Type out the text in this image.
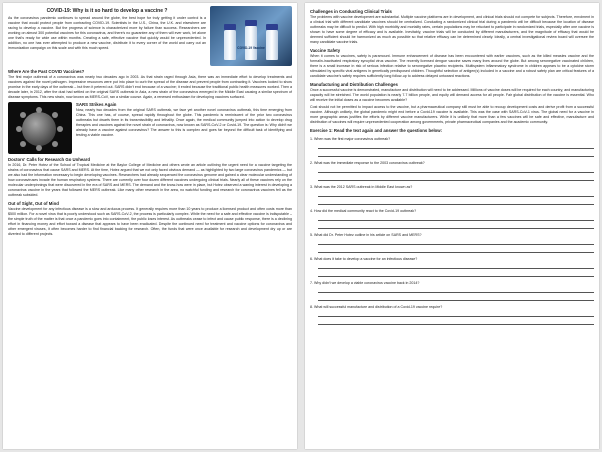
COVID-19: Why is it so hard to develop a vaccine ?

As the coronavirus pandemic continues to spread around the globe, the best hope for truly getting it under control is a vaccine that would protect people from contracting COVID-19. Scientists in the U.S., China, the U.K. and elsewhere are racing to develop a vaccine. But the progress of science is characterized more by failure than success. Researchers are working on almost 300 potential vaccines for this coronavirus, and there's no guarantee any of them will ever work, let alone one that's ready for wide use within months. Creating a safe, effective vaccine that quickly would be unprecedented. In addition, no one has ever attempted to produce a new vaccine, distribute it to every corner of the world and carry out an immunization campaign on this scale and with this much speed.	COVID-19 Vaccine
Where Are the Past COVID Vaccines?

The first major outbreak of a coronavirus was nearly two decades ago in 2003. As that strain raged through Asia, there was an immediate effort to develop treatments and vaccines against the novel pathogen. Impressive resources were put into place to curb the spread of the disease and prevent people from contracting it. Vaccines looked to show promise in the early days of the outbreak – but then it petered out. SARS didn't end because of a vaccine; it ended because the traditional public health measures worked. Then a decade later, in 2012, after the dust had settled on the original SARS outbreak in Asia, a new strain of the coronavirus emerged in the Middle East causing a similar spectrum of disease symptoms. This new strain, now known as MERS-CoV, ran a similar course. Again, a renewed enthusiasm for developing vaccines surfaced.

SARS Strikes Again

Now, nearly two decades from the original SARS outbreak, we face yet another novel coronavirus outbreak, this time emerging from China. This one has, of course, spread rapidly throughout the globe. This pandemic is reminiscent of the prior two coronavirus outbreaks but dwarfs them in its transmissibility and lethality. Once again, the medical community jumped into action to develop drug therapies and vaccines against the novel strain of coronavirus, now known as SARS-CoV-2 or Covid-19. The question is: Why didn't we already have a vaccine against coronavirus? The answer to this is complex and goes far beyond the difficult task of identifying and testing a viable vaccine.

Doctors' Calls for Research Go Unheard

In 2016, Dr. Peter Hotez of the School of Tropical Medicine at the Baylor College of Medicine and others wrote an article outlining the urgent need for a vaccine targeting the strains of coronavirus that cause SARS and MERS. At the time, Hotez argued that we not only faced obvious demand — as highlighted by two large coronavirus pandemics — but we also had the information necessary to begin developing vaccines. Researchers had already sequenced the coronavirus genome and gained a clear molecular understanding of how coronaviruses invade the human respiratory systems. There are currently over four dozen different vaccines undergoing clinical trials. Nearly all of these vaccines rely on the molecular underpinnings that were discovered in the era of SARS and MERS. The demand and the know-how were in place, but Hotez observed a waning interest in developing a coronavirus vaccine in the years that followed the MERS outbreak. Like many other research in the area, no watchful funding and research for coronavirus vaccines fell as the outbreak subsided.

Out of Sight, Out of Mind

Vaccine development for any infectious disease is a slow and arduous process. It generally requires more than 10 years to produce a licensed product and often costs more than $500 million. For a novel virus that is poorly understood such as SARS-CoV-2, the process is particularly complex. While the need for a safe and effective vaccine is indisputable – the simple truth of the matter is that once a pandemic goes into containment, the public loses interest. As outbreaks cease to infect and cause public response, there is a declining effort in financing money and effort toward a disease that appears to have been eradicated. Despite the continued need for treatment and vaccine options for coronavirus and other emergent viruses, it often becomes harder to find financial backing for research. Often, the funds that were once available for research and development dry up or are diverted to different projects.

Challenges in Conducting Clinical Trials

The problems with vaccine development are substantial. Multiple vaccine platforms are in development, and clinical trials should not compete for subjects. Therefore, enrolment in a clinical trial with different candidate vaccines should be centralized. Conducting a randomized clinical trial during a pandemic will be difficult because the location of disease outbreaks may be difficult to predict. With high morbidity and mortality rates, certain populations may be reluctant to participate in randomized trials, especially after one vaccine is shown to have some degree of efficacy and is available. Inevitably, vaccine trials will be conducted by different manufacturers, and the magnitude of efficacy that would be deemed sufficient should be harmonized as much as possible so that relative efficacy can be determined clearly. Ideally, a central investigational review board will oversee the many candidate vaccine trials.

Vaccine Safety

When it comes to vaccines, safety is paramount. Immune enhancement of disease has been encountered with earlier vaccines, such as the killed measles vaccine and the formalin-inactivated respiratory syncytial virus vaccine. The recently licensed dengue vaccine saves many lives around the globe. But among seronegative vaccinated children, there is a small increase in risk of serious infection relative to seronegative placebo recipients. Multisystem inflammatory syndrome in children appears to be a cytokine storm stimulated by specific viral antigens in genetically predisposed children. Thoughtful selection of antigen(s) included in a vaccine and a robust safety plan are critical features of a candidate vaccine's safety requires sufficiently long follow-up to address delayed untoward reactions.

Manufacturing and Distribution Challenges

Once a successful vaccine is demonstrated, manufacture and distribution will need to be addressed. Millions of vaccine doses will be required for each country, and manufacturing capacity will be stretched. The world population is nearly 7.7 billion people, and equity will demand access for all people. Fair global distribution of the vaccine is essential. Who will receive the initial doses as a vaccine becomes available?

Cost should not be permitted to impact access to the vaccine, but a pharmaceutical company still must be able to recoup development costs and derive profit from a successful vaccine. Although unlikely, the global pandemic might end before a Covid-19 vaccine is available. This was the case with SARS-CoV-1 virus. The global need for a vaccine in more geographic areas justifies the efforts by different vaccine manufacturers. While it is unlikely that more than a few vaccines will be safe and effective, manufacture and distribution of vaccines will require unprecedented cooperation among governments, private pharmaceutical companies and the academic community.

Exercise 1: Read the text again and answer the questions below:
1. When was the first major coronavirus outbreak?
2. What was the immediate response to the 2003 coronavirus outbreak?
3. What was the 2012 SARS outbreak in Middle East known as?
4. How did the medical community react to the Covid-19 outbreak?
5. What did Dr. Peter Hotez outline in his article on SARS and MERS?
6. What does it take to develop a vaccine for an infectious disease?
7. Why didn't we develop a viable coronavirus vaccine back in 2014?
8. What will successful manufacture and distribution of a Covid-19 vaccine require?
